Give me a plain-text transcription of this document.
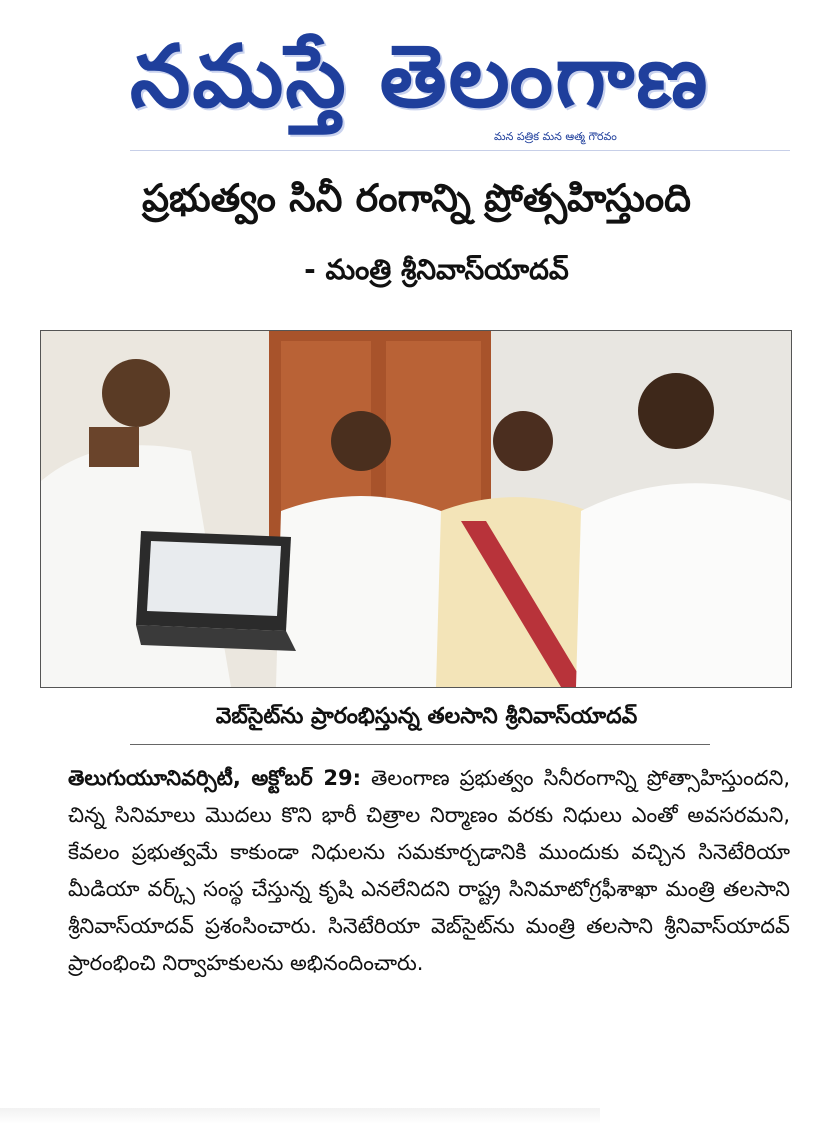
నమస్తే తెలంగాణ
మన పత్రిక మన ఆత్మ గౌరవం
ప్రభుత్వం సినీ రంగాన్ని ప్రోత్సహిస్తుంది
- మంత్రి శ్రీనివాస్‌యాదవ్
వెబ్‌సైట్‌ను ప్రారంభిస్తున్న తలసాని శ్రీనివాస్‌యాదవ్
తెలుగుయూనివర్సిటీ, అక్టోబర్ 29: తెలంగాణ ప్రభుత్వం సినీరంగాన్ని ప్రోత్సాహిస్తుందని, చిన్న సినిమాలు మొదలు కొని భారీ చిత్రాల నిర్మాణం వరకు నిధులు ఎంతో అవసరమని, కేవలం ప్రభుత్వమే కాకుండా నిధులను సమకూర్చడానికి ముందుకు వచ్చిన సినెటేరియా మీడియా వర్క్స్ సంస్థ చేస్తున్న కృషి ఎనలేనిదని రాష్ట్ర సినిమాటోగ్రఫీశాఖా మంత్రి తలసాని శ్రీనివాస్‌యాదవ్ ప్రశంసించారు. సినెటేరియా వెబ్‌సైట్‌ను మంత్రి తలసాని శ్రీనివాస్‌యాదవ్ ప్రారంభించి నిర్వాహకులను అభినందించారు.
